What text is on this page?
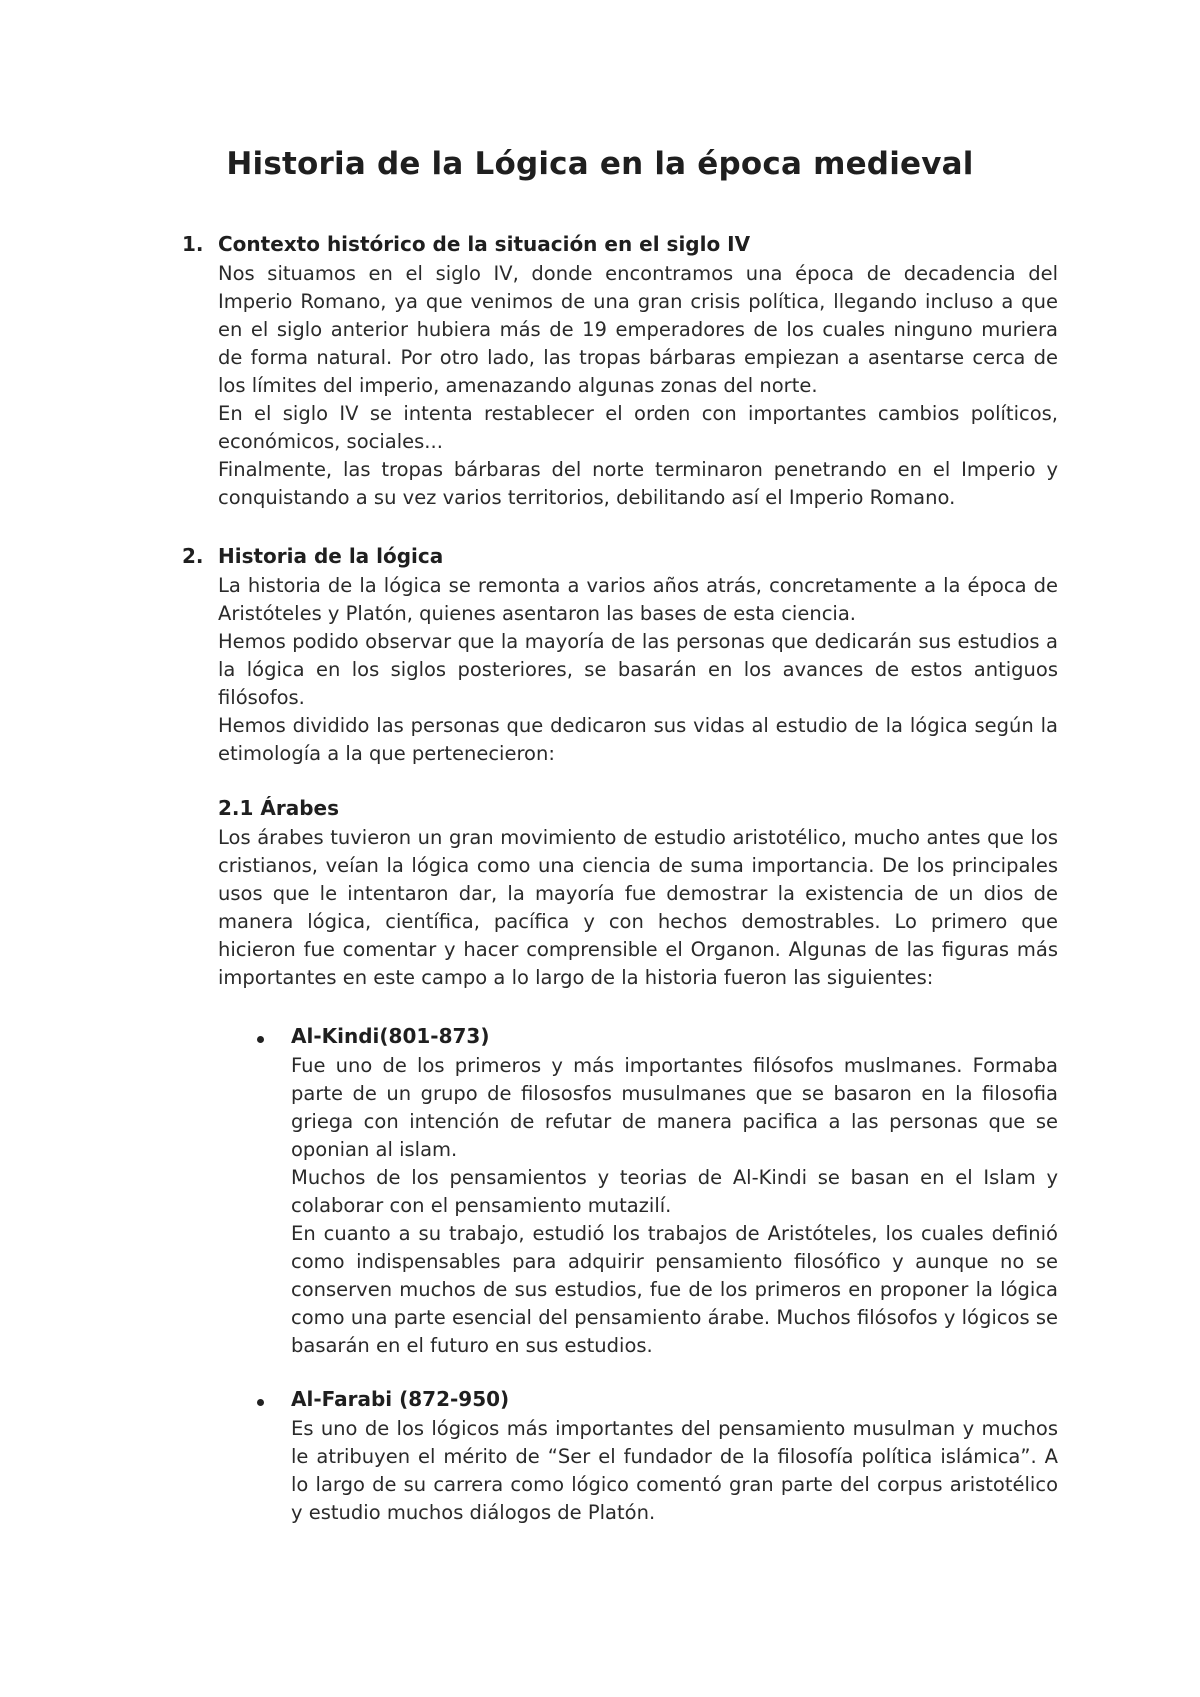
Historia de la Lógica en la época medieval
1. Contexto histórico de la situación en el siglo IV

Nos situamos en el siglo IV, donde encontramos una época de decadencia del Imperio Romano, ya que venimos de una gran crisis política, llegando incluso a que en el siglo anterior hubiera más de 19 emperadores de los cuales ninguno muriera de forma natural. Por otro lado, las tropas bárbaras empiezan a asentarse cerca de los límites del imperio, amenazando algunas zonas del norte.

En el siglo IV se intenta restablecer el orden con importantes cambios políticos, económicos, sociales...

Finalmente, las tropas bárbaras del norte terminaron penetrando en el Imperio y conquistando a su vez varios territorios, debilitando así el Imperio Romano.

2. Historia de la lógica

La historia de la lógica se remonta a varios años atrás, concretamente a la época de Aristóteles y Platón, quienes asentaron las bases de esta ciencia.

Hemos podido observar que la mayoría de las personas que dedicarán sus estudios a la lógica en los siglos posteriores, se basarán en los avances de estos antiguos filósofos.

Hemos dividido las personas que dedicaron sus vidas al estudio de la lógica según la etimología a la que pertenecieron:

2.1 Árabes

Los árabes tuvieron un gran movimiento de estudio aristotélico, mucho antes que los cristianos, veían la lógica como una ciencia de suma importancia. De los principales usos que le intentaron dar, la mayoría fue demostrar la existencia de un dios de manera lógica, científica, pacífica y con hechos demostrables. Lo primero que hicieron fue comentar y hacer comprensible el Organon. Algunas de las figuras más importantes en este campo a lo largo de la historia fueron las siguientes:

Al-Kindi(801-873)

Fue uno de los primeros y más importantes filósofos muslmanes. Formaba parte de un grupo de filososfos musulmanes que se basaron en la filosofia griega con intención de refutar de manera pacifica a las personas que se oponian al islam.

Muchos de los pensamientos y teorias de Al-Kindi se basan en el Islam y colaborar con el pensamiento mutazilí.

En cuanto a su trabajo, estudió los trabajos de Aristóteles, los cuales definió como indispensables para adquirir pensamiento filosófico y aunque no se conserven muchos de sus estudios, fue de los primeros en proponer la lógica como una parte esencial del pensamiento árabe. Muchos filósofos y lógicos se basarán en el futuro en sus estudios.

Al-Farabi (872-950)

Es uno de los lógicos más importantes del pensamiento musulman y muchos le atribuyen el mérito de “Ser el fundador de la filosofía política islámica”. A lo largo de su carrera como lógico comentó gran parte del corpus aristotélico y estudio muchos diálogos de Platón.
